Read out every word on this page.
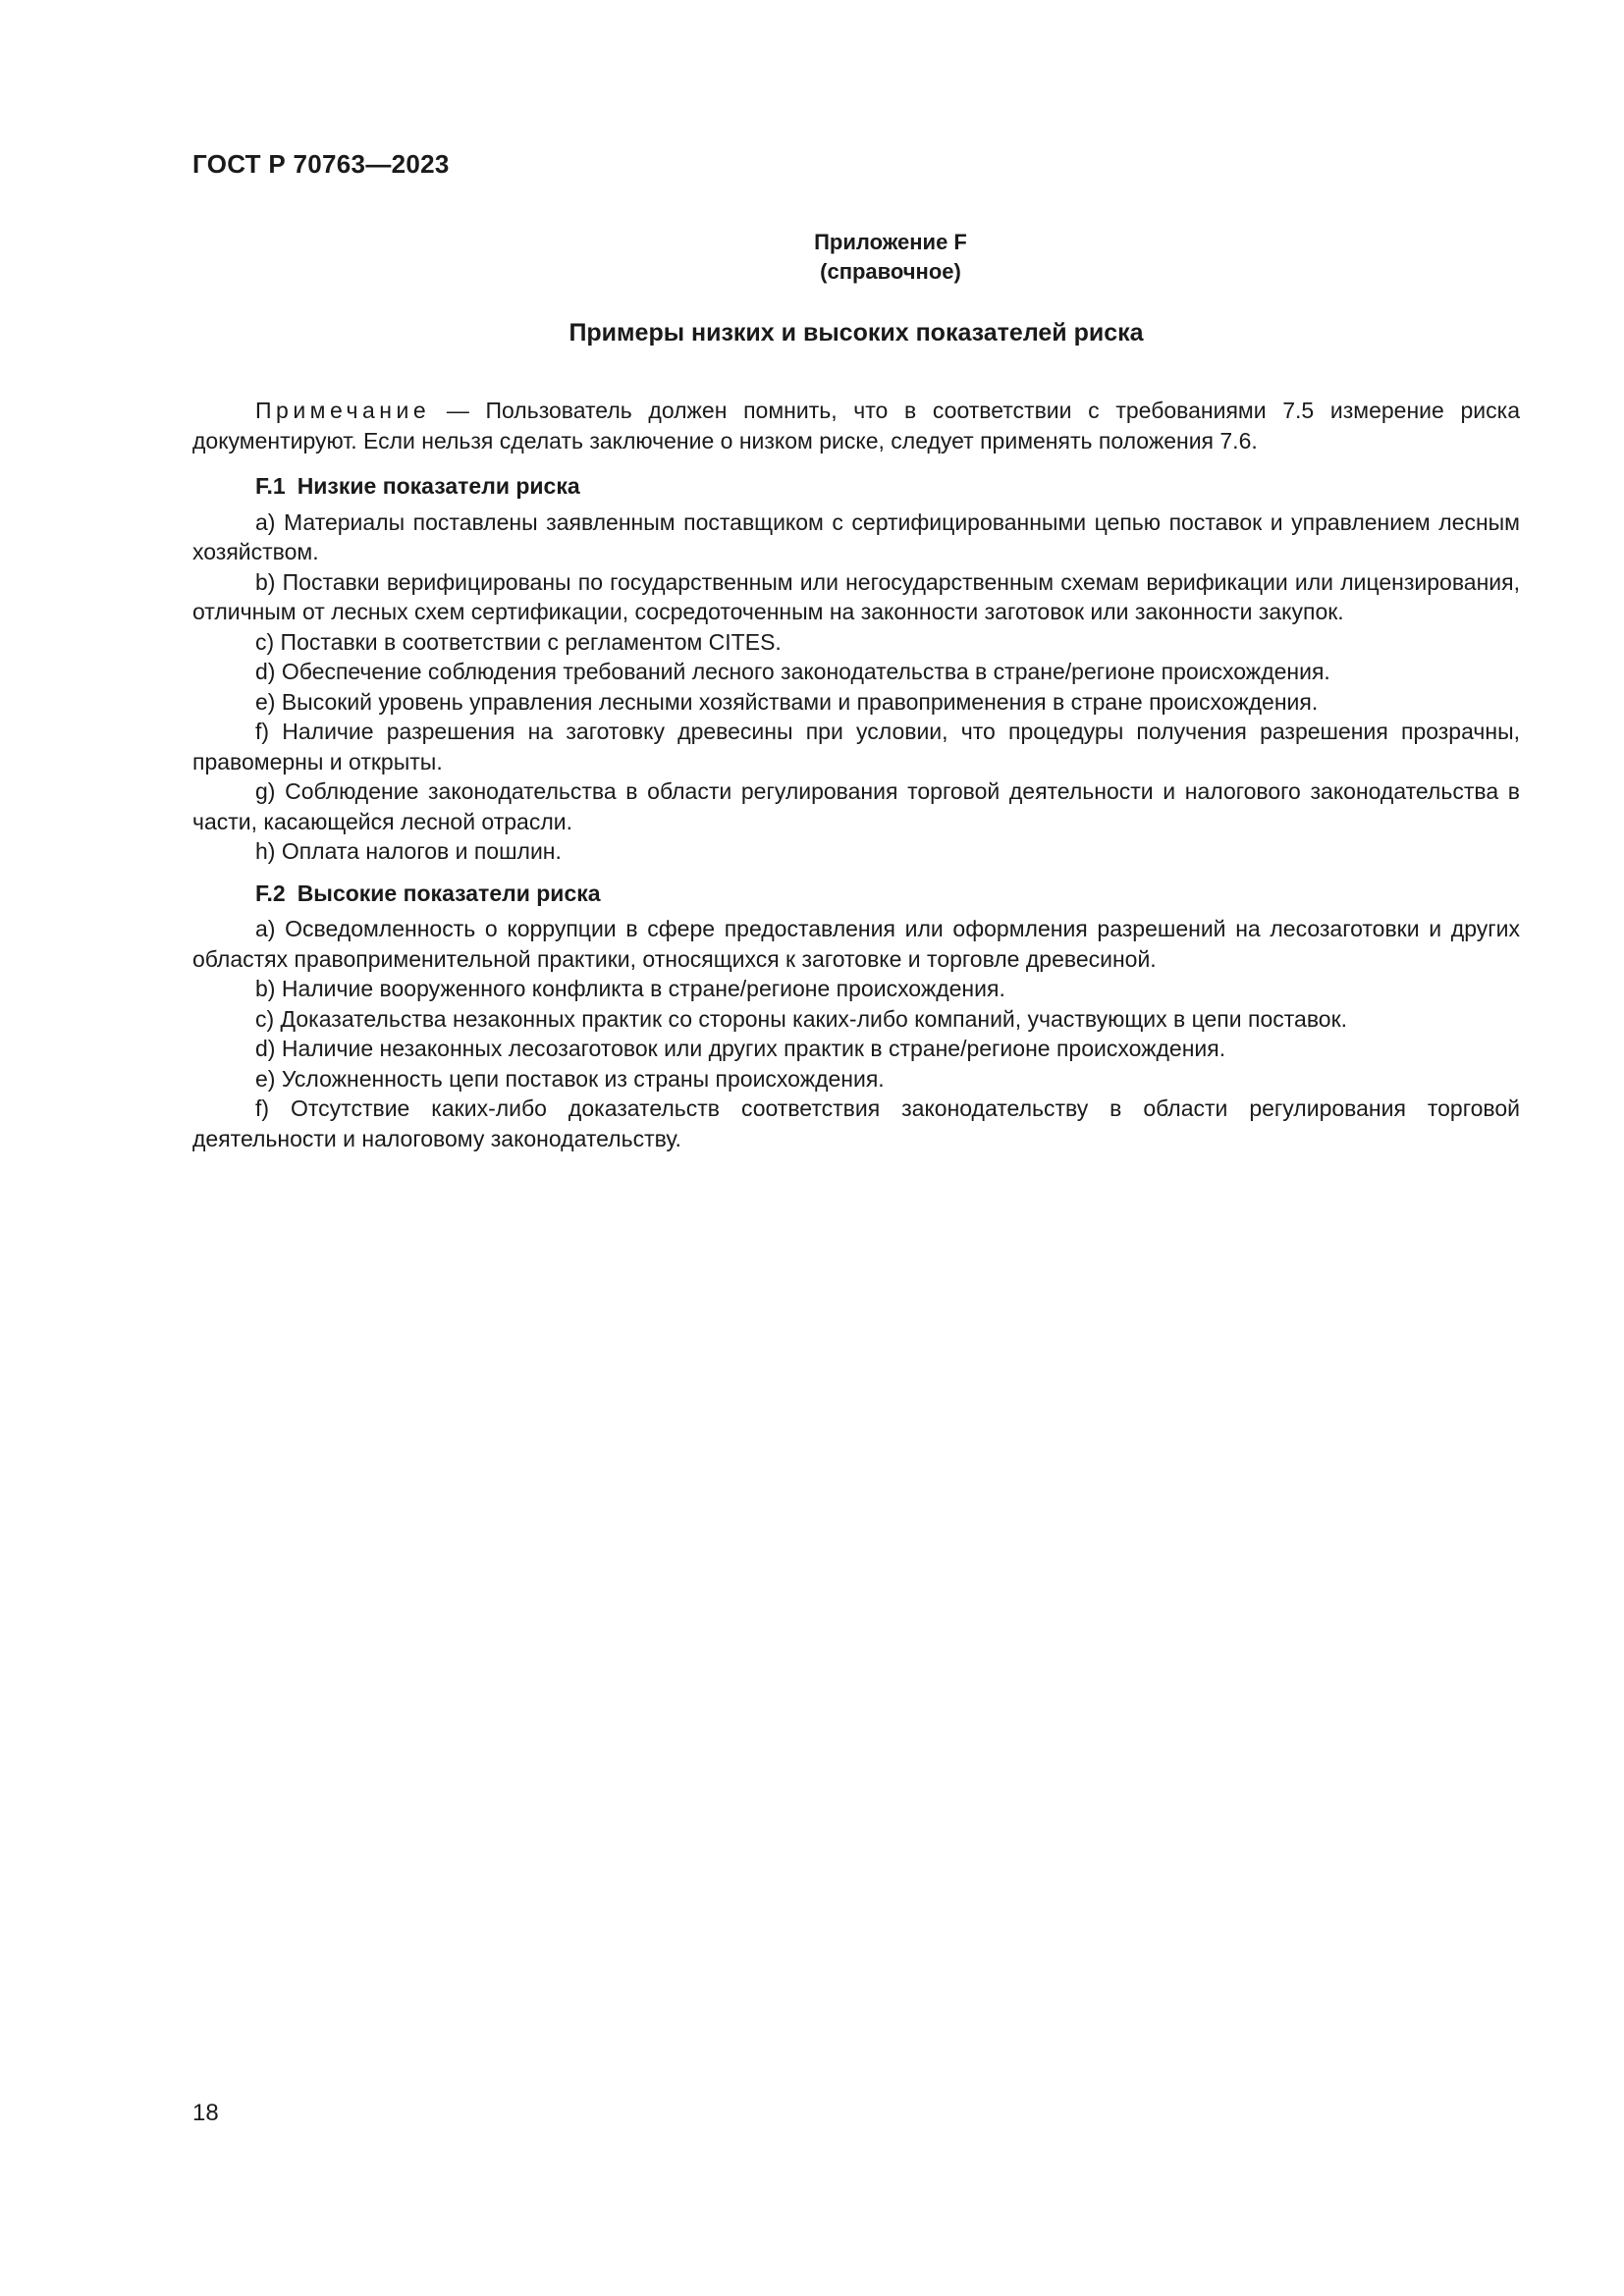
ГОСТ Р 70763—2023
Приложение F
(справочное)
Примеры низких и высоких показателей риска

Примечание — Пользователь должен помнить, что в соответствии с требованиями 7.5 измерение риска документируют. Если нельзя сделать заключение о низком риске, следует применять положения 7.6.

F.1 Низкие показатели риска

a) Материалы поставлены заявленным поставщиком с сертифицированными цепью поставок и управлением лесным хозяйством.

b) Поставки верифицированы по государственным или негосударственным схемам верификации или лицензирования, отличным от лесных схем сертификации, сосредоточенным на законности заготовок или законности закупок.

c) Поставки в соответствии с регламентом CITES.

d) Обеспечение соблюдения требований лесного законодательства в стране/регионе происхождения.

e) Высокий уровень управления лесными хозяйствами и правоприменения в стране происхождения.

f) Наличие разрешения на заготовку древесины при условии, что процедуры получения разрешения прозрачны, правомерны и открыты.

g) Соблюдение законодательства в области регулирования торговой деятельности и налогового законодательства в части, касающейся лесной отрасли.

h) Оплата налогов и пошлин.

F.2 Высокие показатели риска

a) Осведомленность о коррупции в сфере предоставления или оформления разрешений на лесозаготовки и других областях правоприменительной практики, относящихся к заготовке и торговле древесиной.

b) Наличие вооруженного конфликта в стране/регионе происхождения.

c) Доказательства незаконных практик со стороны каких-либо компаний, участвующих в цепи поставок.

d) Наличие незаконных лесозаготовок или других практик в стране/регионе происхождения.

e) Усложненность цепи поставок из страны происхождения.

f) Отсутствие каких-либо доказательств соответствия законодательству в области регулирования торговой деятельности и налоговому законодательству.

18
